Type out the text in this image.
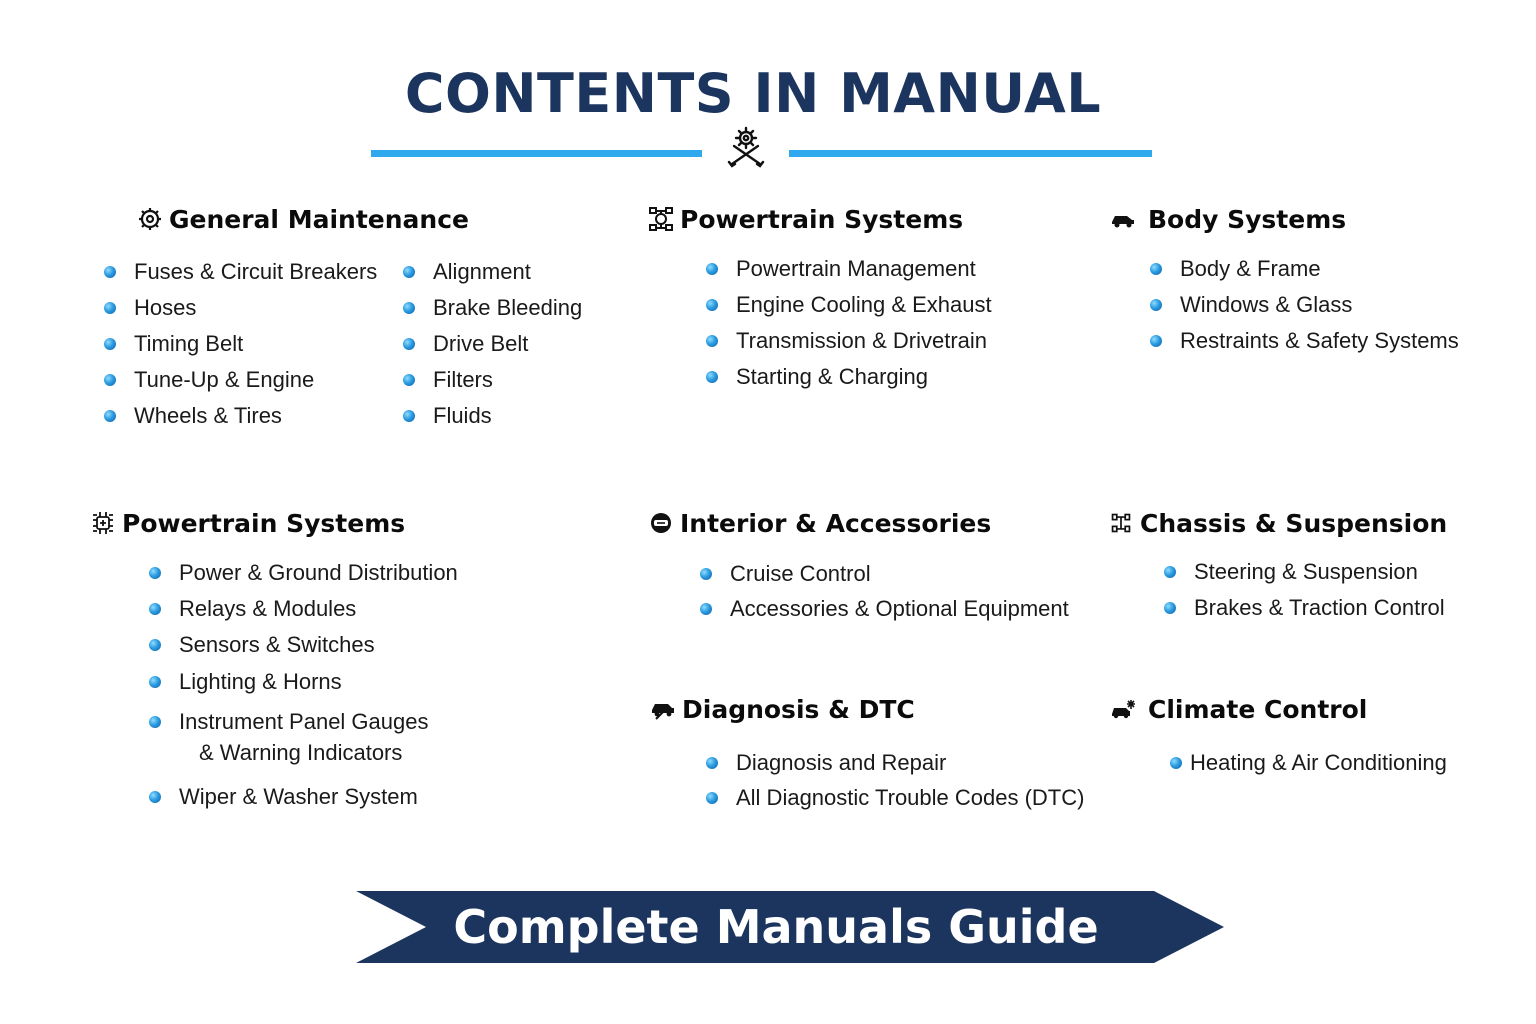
CONTENTS IN MANUAL
General Maintenance
Fuses & Circuit Breakers
Hoses
Timing Belt
Tune-Up & Engine
Wheels & Tires
Alignment
Brake Bleeding
Drive Belt
Filters
Fluids
Powertrain Systems
Powertrain Management
Engine Cooling & Exhaust
Transmission & Drivetrain
Starting & Charging
Body Systems
Body & Frame
Windows & Glass
Restraints & Safety Systems
Powertrain Systems
Power & Ground Distribution
Relays & Modules
Sensors & Switches
Lighting & Horns
Instrument Panel Gauges
& Warning Indicators
Wiper & Washer System
Interior & Accessories
Cruise Control
Accessories & Optional Equipment
Chassis & Suspension
Steering & Suspension
Brakes & Traction Control
Diagnosis & DTC
Diagnosis and Repair
All Diagnostic Trouble Codes (DTC)
Climate Control
Heating & Air Conditioning
Complete Manuals Guide
